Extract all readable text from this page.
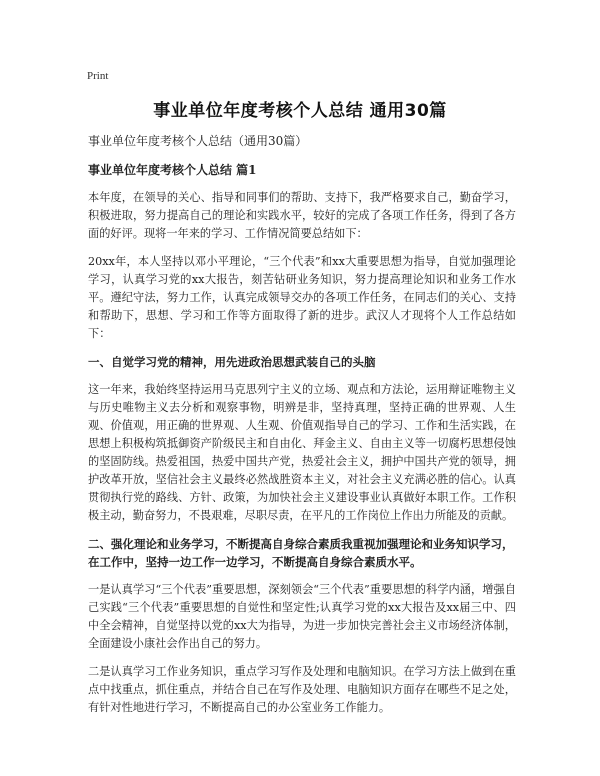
Print
事业单位年度考核个人总结 通用30篇

事业单位年度考核个人总结（通用30篇）

事业单位年度考核个人总结 篇1

本年度，在领导的关心、指导和同事们的帮助、支持下，我严格要求自己，勤奋学习，积极进取，努力提高自己的理论和实践水平，较好的完成了各项工作任务，得到了各方面的好评。现将一年来的学习、工作情况简要总结如下：

20xx年，本人坚持以邓小平理论，“三个代表”和xx大重要思想为指导，自觉加强理论学习，认真学习党的xx大报告，刻苦钻研业务知识，努力提高理论知识和业务工作水平。遵纪守法，努力工作，认真完成领导交办的各项工作任务，在同志们的关心、支持和帮助下，思想、学习和工作等方面取得了新的进步。武汉人才现将个人工作总结如下：

一、自觉学习党的精神，用先进政治思想武装自己的头脑

这一年来，我始终坚持运用马克思列宁主义的立场、观点和方法论，运用辩证唯物主义与历史唯物主义去分析和观察事物，明辨是非，坚持真理，坚持正确的世界观、人生观、价值观，用正确的世界观、人生观、价值观指导自己的学习、工作和生活实践，在思想上积极构筑抵御资产阶级民主和自由化、拜金主义、自由主义等一切腐朽思想侵蚀的坚固防线。热爱祖国，热爱中国共产党，热爱社会主义，拥护中国共产党的领导，拥护改革开放，坚信社会主义最终必然战胜资本主义，对社会主义充满必胜的信心。认真贯彻执行党的路线、方针、政策，为加快社会主义建设事业认真做好本职工作。工作积极主动，勤奋努力，不畏艰难，尽职尽责，在平凡的工作岗位上作出力所能及的贡献。

二、强化理论和业务学习，不断提高自身综合素质我重视加强理论和业务知识学习，在工作中，坚持一边工作一边学习，不断提高自身综合素质水平。

一是认真学习“三个代表”重要思想，深刻领会“三个代表”重要思想的科学内涵，增强自己实践“三个代表”重要思想的自觉性和坚定性;认真学习党的xx大报告及xx届三中、四中全会精神，自觉坚持以党的xx大为指导，为进一步加快完善社会主义市场经济体制，全面建设小康社会作出自己的努力。

二是认真学习工作业务知识，重点学习写作及处理和电脑知识。在学习方法上做到在重点中找重点，抓住重点，并结合自己在写作及处理、电脑知识方面存在哪些不足之处，有针对性地进行学习，不断提高自己的办公室业务工作能力。
